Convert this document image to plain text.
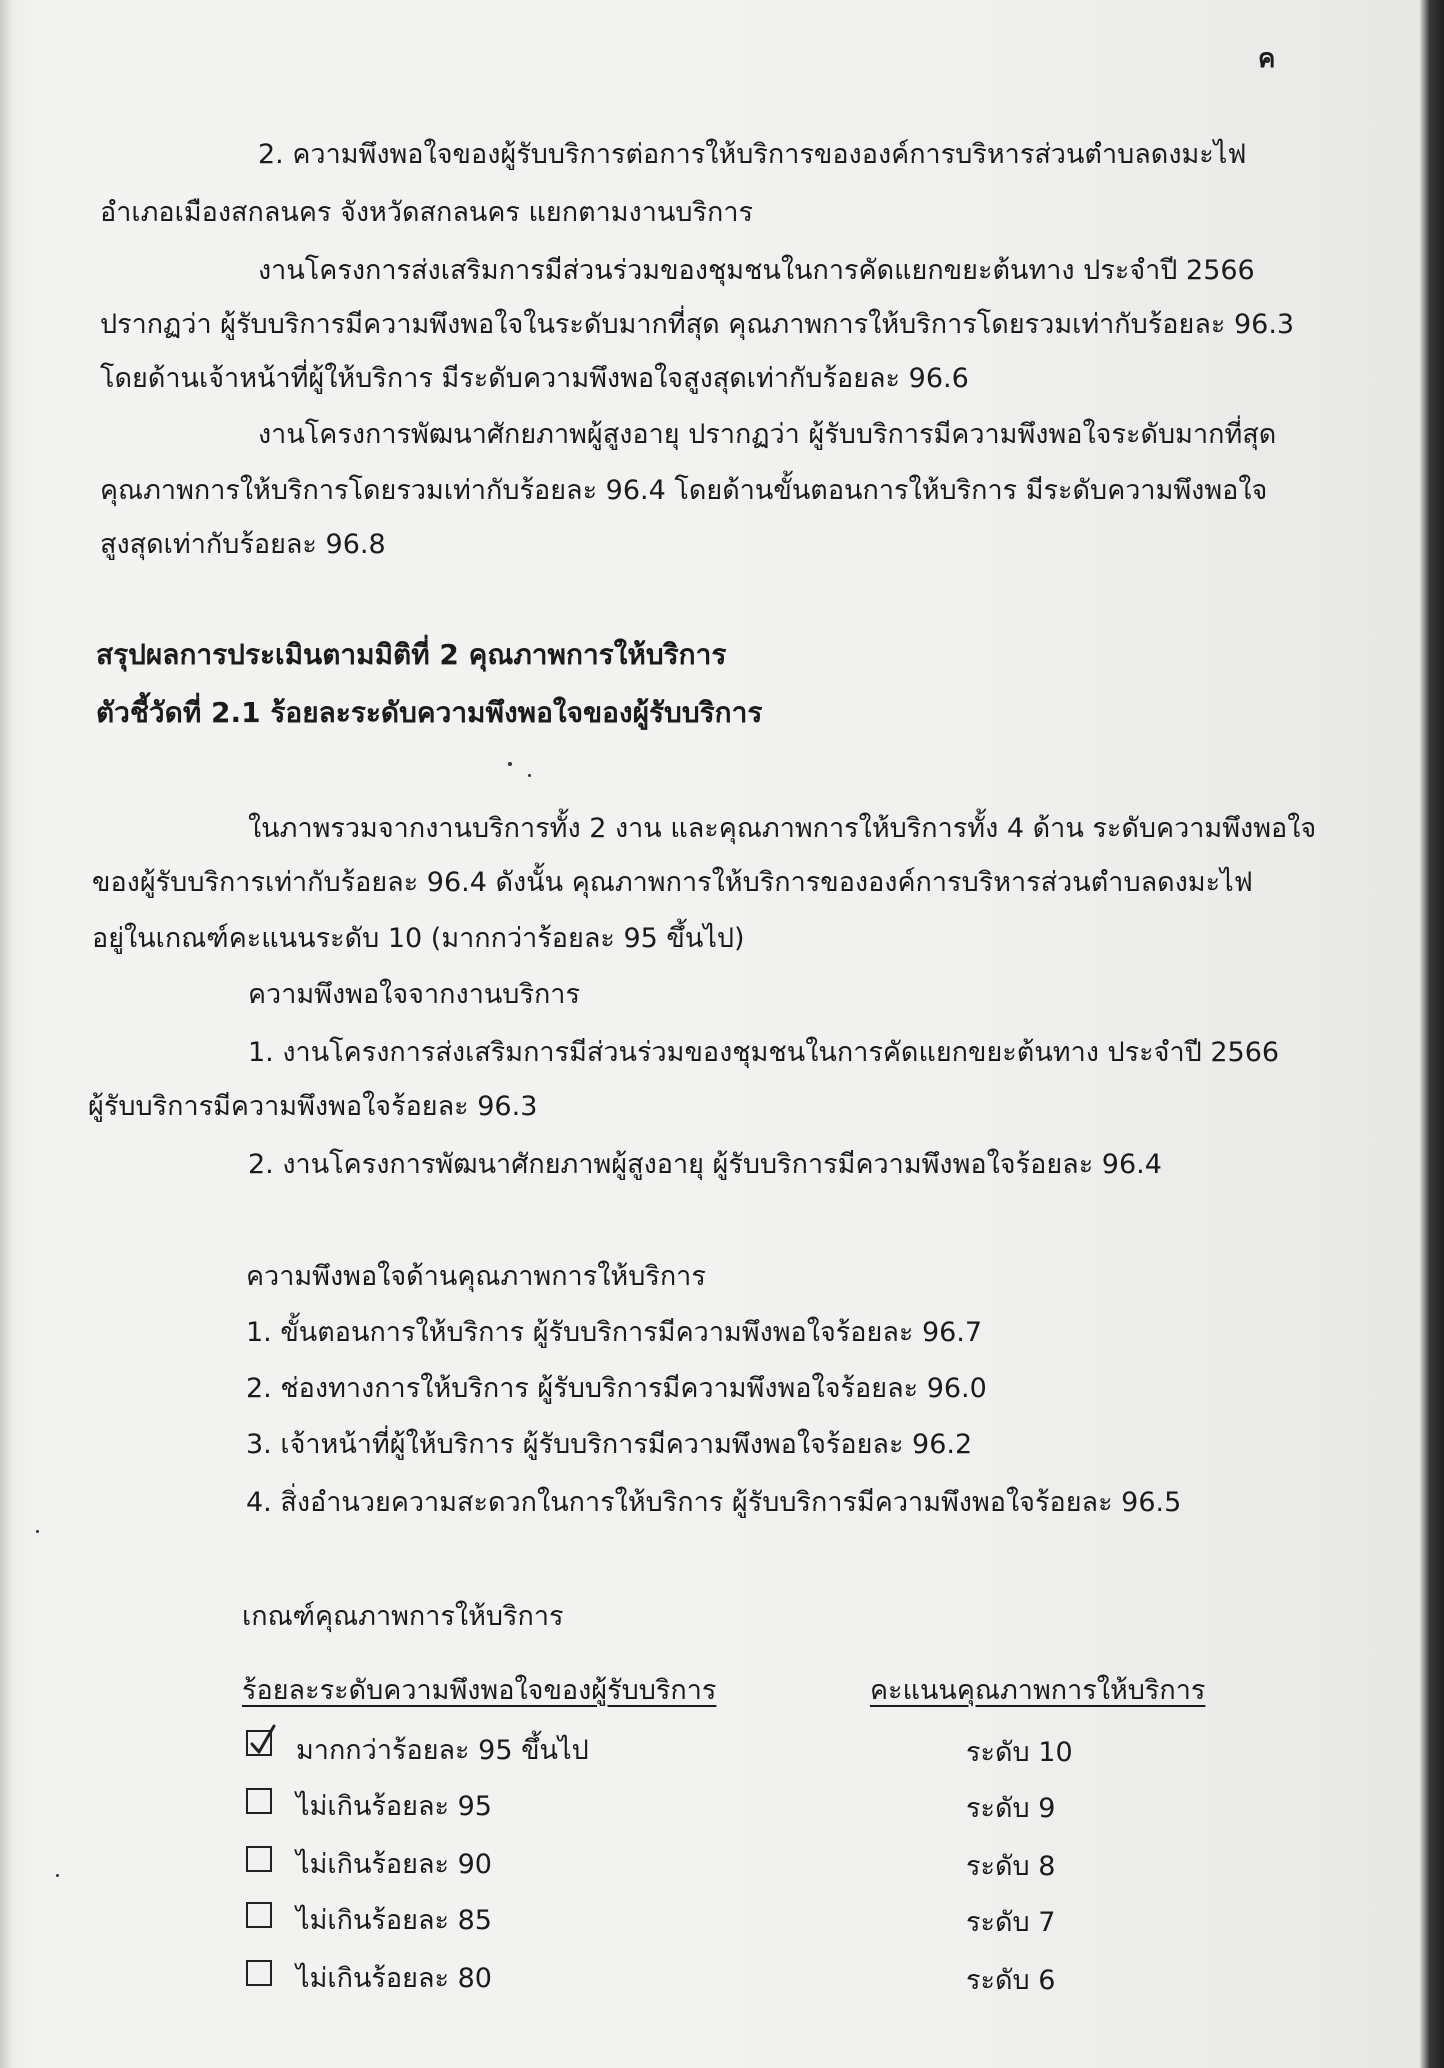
ค
2. ความพึงพอใจของผู้รับบริการต่อการให้บริการขององค์การบริหารส่วนตำบลดงมะไฟ
อำเภอเมืองสกลนคร จังหวัดสกลนคร แยกตามงานบริการ
งานโครงการส่งเสริมการมีส่วนร่วมของชุมชนในการคัดแยกขยะต้นทาง ประจำปี 2566
ปรากฏว่า ผู้รับบริการมีความพึงพอใจในระดับมากที่สุด คุณภาพการให้บริการโดยรวมเท่ากับร้อยละ 96.3
โดยด้านเจ้าหน้าที่ผู้ให้บริการ มีระดับความพึงพอใจสูงสุดเท่ากับร้อยละ 96.6
งานโครงการพัฒนาศักยภาพผู้สูงอายุ ปรากฏว่า ผู้รับบริการมีความพึงพอใจระดับมากที่สุด
คุณภาพการให้บริการโดยรวมเท่ากับร้อยละ 96.4 โดยด้านขั้นตอนการให้บริการ มีระดับความพึงพอใจ
สูงสุดเท่ากับร้อยละ 96.8
สรุปผลการประเมินตามมิติที่ 2 คุณภาพการให้บริการ
ตัวชี้วัดที่ 2.1 ร้อยละระดับความพึงพอใจของผู้รับบริการ
ในภาพรวมจากงานบริการทั้ง 2 งาน และคุณภาพการให้บริการทั้ง 4 ด้าน ระดับความพึงพอใจ
ของผู้รับบริการเท่ากับร้อยละ 96.4 ดังนั้น คุณภาพการให้บริการขององค์การบริหารส่วนตำบลดงมะไฟ
อยู่ในเกณฑ์คะแนนระดับ 10 (มากกว่าร้อยละ 95 ขึ้นไป)
ความพึงพอใจจากงานบริการ
1. งานโครงการส่งเสริมการมีส่วนร่วมของชุมชนในการคัดแยกขยะต้นทาง ประจำปี 2566
ผู้รับบริการมีความพึงพอใจร้อยละ 96.3
2. งานโครงการพัฒนาศักยภาพผู้สูงอายุ ผู้รับบริการมีความพึงพอใจร้อยละ 96.4
ความพึงพอใจด้านคุณภาพการให้บริการ
1. ขั้นตอนการให้บริการ ผู้รับบริการมีความพึงพอใจร้อยละ 96.7
2. ช่องทางการให้บริการ ผู้รับบริการมีความพึงพอใจร้อยละ 96.0
3. เจ้าหน้าที่ผู้ให้บริการ ผู้รับบริการมีความพึงพอใจร้อยละ 96.2
4. สิ่งอำนวยความสะดวกในการให้บริการ ผู้รับบริการมีความพึงพอใจร้อยละ 96.5
เกณฑ์คุณภาพการให้บริการ
ร้อยละระดับความพึงพอใจของผู้รับบริการ	คะแนนคุณภาพการให้บริการ
มากกว่าร้อยละ 95 ขึ้นไป	ระดับ 10
ไม่เกินร้อยละ 95	ระดับ 9
ไม่เกินร้อยละ 90	ระดับ 8
ไม่เกินร้อยละ 85	ระดับ 7
ไม่เกินร้อยละ 80	ระดับ 6
